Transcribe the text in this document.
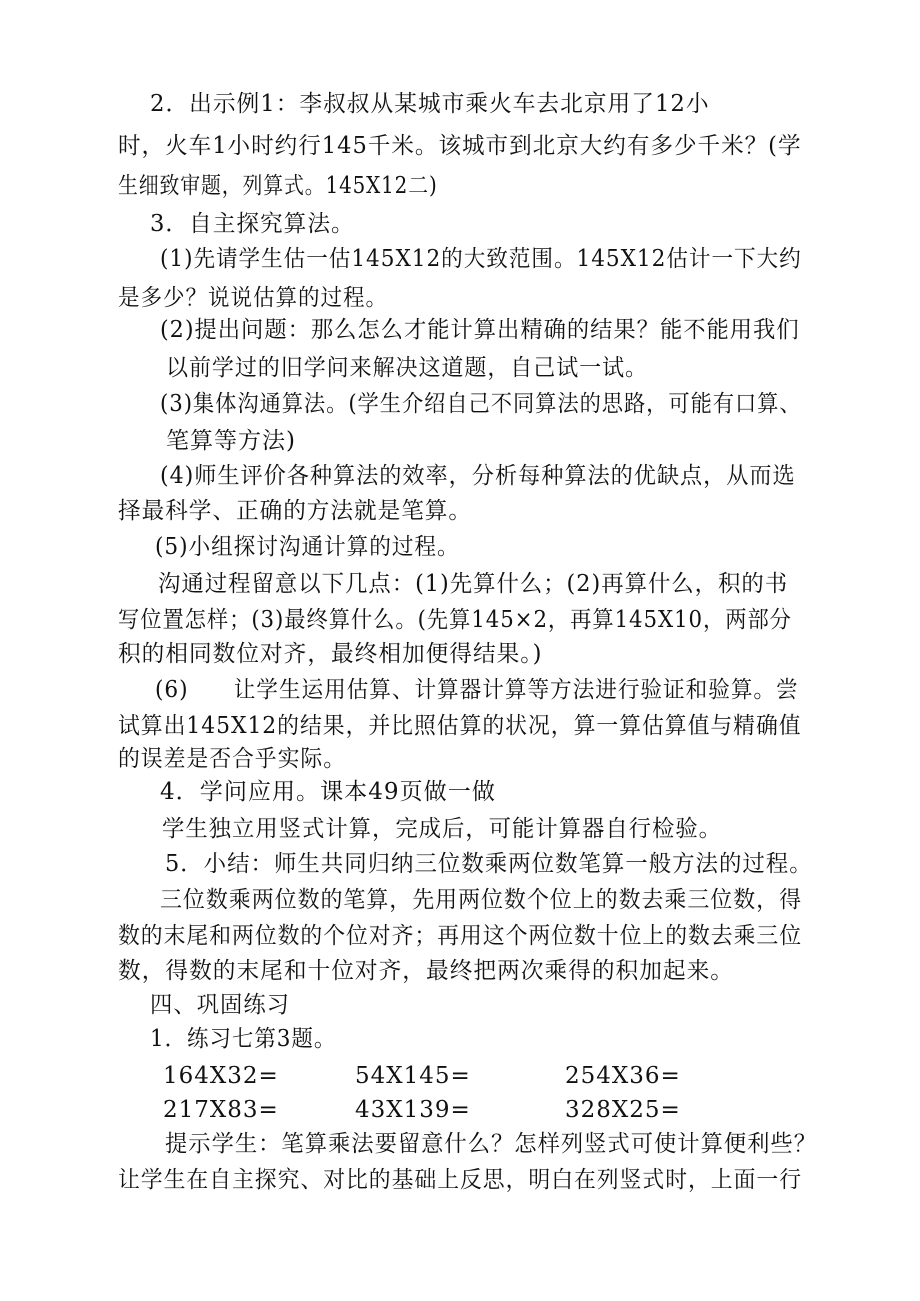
2．出示例1：李叔叔从某城市乘火车去北京用了12小
时，火车1小时约行145千米。该城市到北京大约有多少千米？(学
生细致审题，列算式。145X12二)
3．自主探究算法。
(1)先请学生估一估145X12的大致范围。145X12估计一下大约
是多少？说说估算的过程。
(2)提出问题：那么怎么才能计算出精确的结果？能不能用我们
以前学过的旧学问来解决这道题，自己试一试。
(3)集体沟通算法。(学生介绍自己不同算法的思路，可能有口算、
笔算等方法)
(4)师生评价各种算法的效率，分析每种算法的优缺点，从而选
择最科学、正确的方法就是笔算。
(5)小组探讨沟通计算的过程。
沟通过程留意以下几点：(1)先算什么；(2)再算什么，积的书
写位置怎样；(3)最终算什么。(先算145×2，再算145X10，两部分
积的相同数位对齐，最终相加便得结果。)
(6)　　让学生运用估算、计算器计算等方法进行验证和验算。尝
试算出145X12的结果，并比照估算的状况，算一算估算值与精确值
的误差是否合乎实际。
4．学问应用。课本49页做一做
学生独立用竖式计算，完成后，可能计算器自行检验。
5．小结：师生共同归纳三位数乘两位数笔算一般方法的过程。
三位数乘两位数的笔算，先用两位数个位上的数去乘三位数，得
数的末尾和两位数的个位对齐；再用这个两位数十位上的数去乘三位
数，得数的末尾和十位对齐，最终把两次乘得的积加起来。
四、巩固练习
1．练习七第3题。
164X32=	54X145=	254X36=
217X83=	43X139=	328X25=
提示学生：笔算乘法要留意什么？怎样列竖式可使计算便利些？
让学生在自主探究、对比的基础上反思，明白在列竖式时，上面一行
